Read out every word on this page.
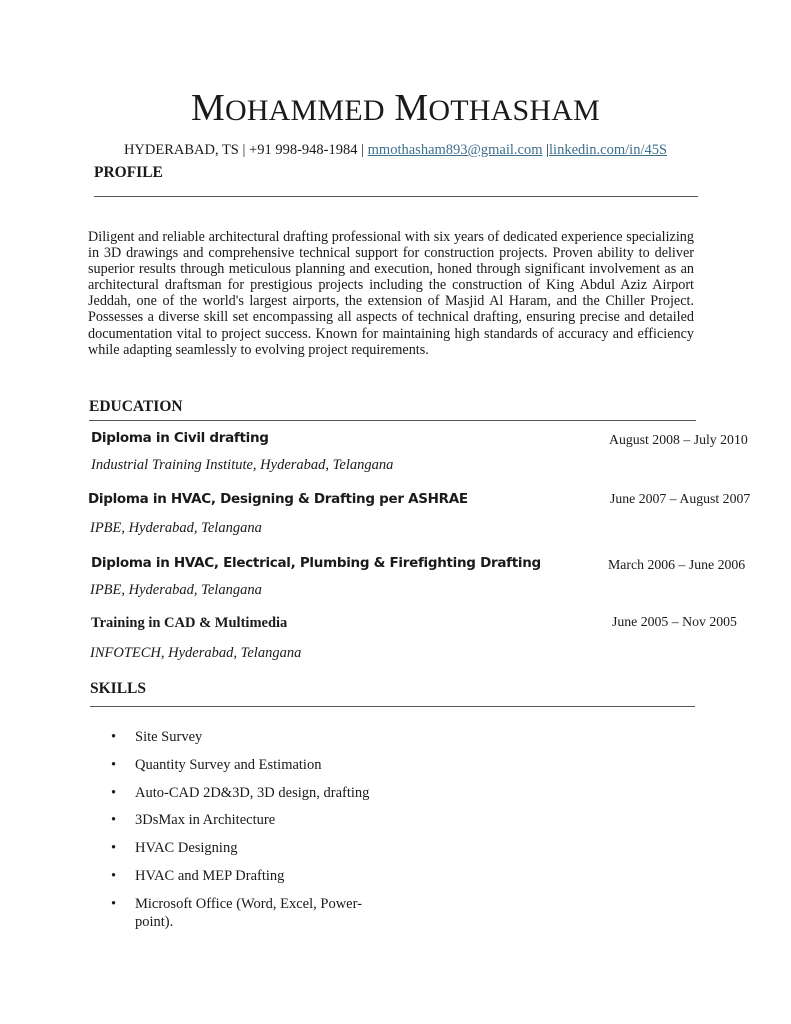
MOHAMMED MOTHASHAM
HYDERABAD, TS | +91 998-948-1984 | mmothasham893@gmail.com |linkedin.com/in/45S
PROFILE
Diligent and reliable architectural drafting professional with six years of dedicated experience specializing in 3D drawings and comprehensive technical support for construction projects. Proven ability to deliver superior results through meticulous planning and execution, honed through significant involvement as an architectural draftsman for prestigious projects including the construction of King Abdul Aziz Airport Jeddah, one of the world's largest airports, the extension of Masjid Al Haram, and the Chiller Project. Possesses a diverse skill set encompassing all aspects of technical drafting, ensuring precise and detailed documentation vital to project success. Known for maintaining high standards of accuracy and efficiency while adapting seamlessly to evolving project requirements.
EDUCATION
Diploma in Civil drafting	August 2008 – July 2010
Industrial Training Institute, Hyderabad, Telangana
Diploma in HVAC, Designing & Drafting per ASHRAE	June 2007 – August 2007
IPBE, Hyderabad, Telangana
Diploma in HVAC, Electrical, Plumbing & Firefighting Drafting	March 2006 – June 2006
IPBE, Hyderabad, Telangana
Training in CAD & Multimedia	June 2005 – Nov 2005
INFOTECH, Hyderabad, Telangana
SKILLS
• Site Survey
• Quantity Survey and Estimation
• Auto-CAD 2D&3D, 3D design, drafting
• 3DsMax in Architecture
• HVAC Designing
• HVAC and MEP Drafting
• Microsoft Office (Word, Excel, Power-point).
